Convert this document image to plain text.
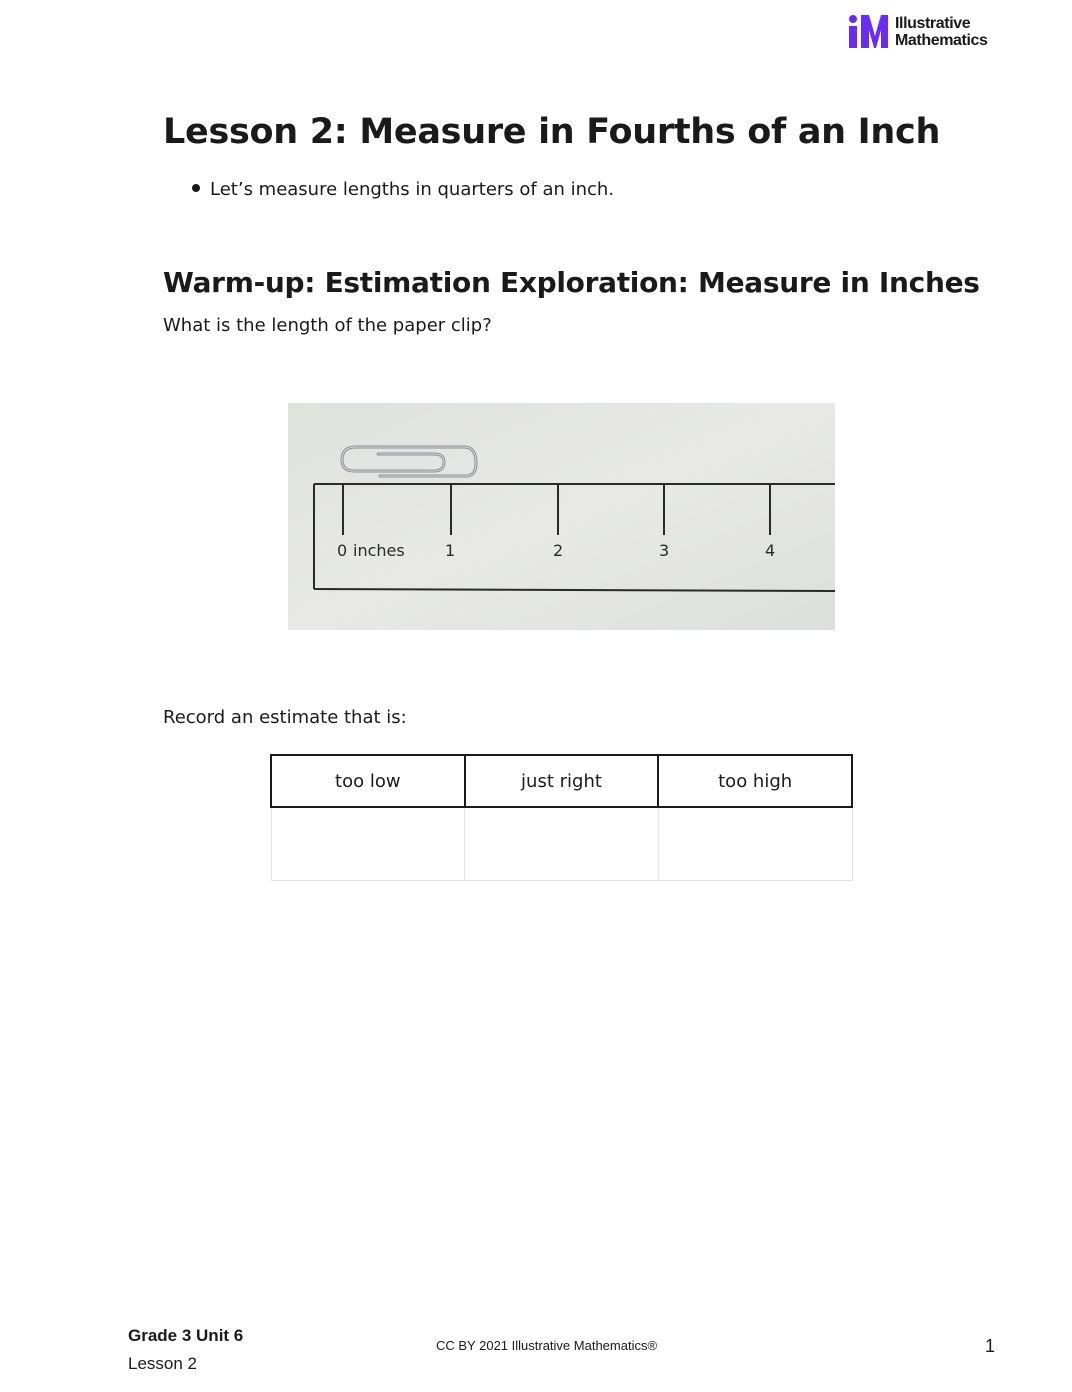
Illustrative
Mathematics
Lesson 2: Measure in Fourths of an Inch
Let’s measure lengths in quarters of an inch.
Warm-up: Estimation Exploration: Measure in Inches

What is the length of the paper clip?

0 inches	1	2	3	4

Record an estimate that is:

too low	just right	too high

Grade 3 Unit 6
Lesson 2
CC BY 2021 Illustrative Mathematics®	1
